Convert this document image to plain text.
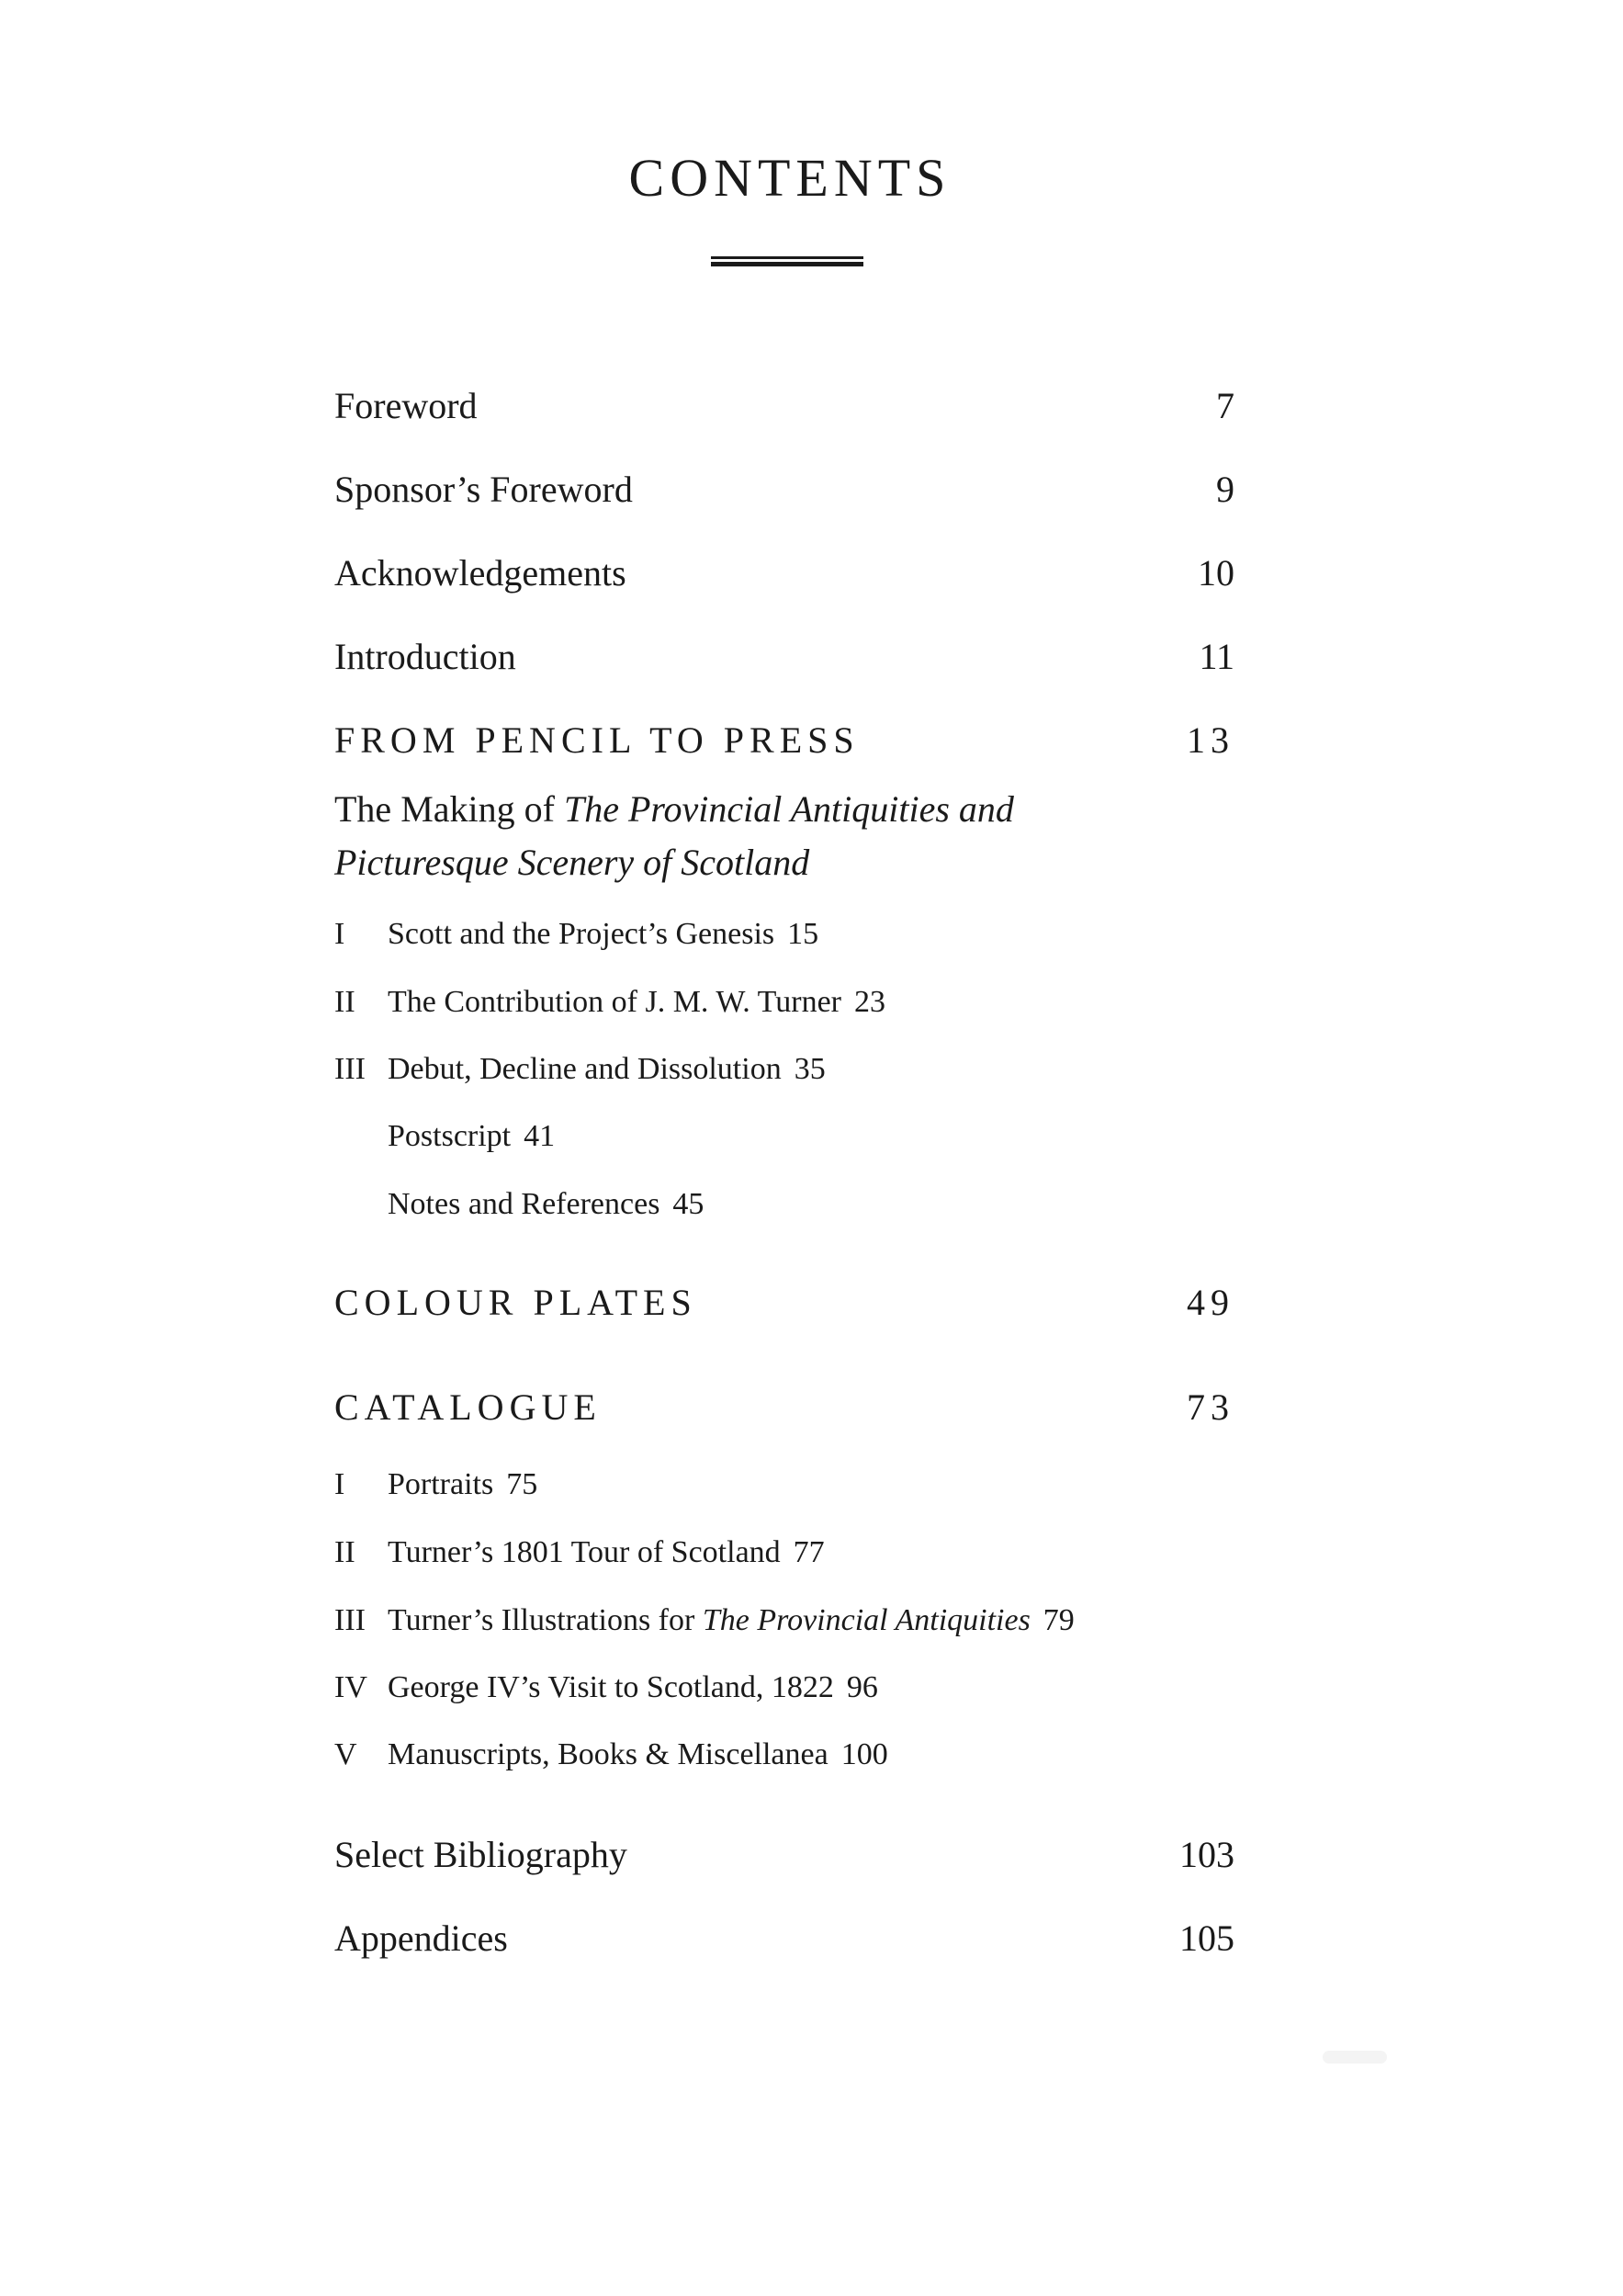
CONTENTS
Foreword	7
Sponsor’s Foreword	9
Acknowledgements	10
Introduction	11
FROM PENCIL TO PRESS	13
The Making of The Provincial Antiquities and
Picturesque Scenery of Scotland
I Scott and the Project’s Genesis 15
II The Contribution of J. M. W. Turner 23
III Debut, Decline and Dissolution 35
Postscript 41
Notes and References 45
COLOUR PLATES	49
CATALOGUE	73
I Portraits 75
II Turner’s 1801 Tour of Scotland 77
III Turner’s Illustrations for The Provincial Antiquities 79
IV George IV’s Visit to Scotland, 1822 96
V Manuscripts, Books & Miscellanea 100
Select Bibliography	103
Appendices	105
